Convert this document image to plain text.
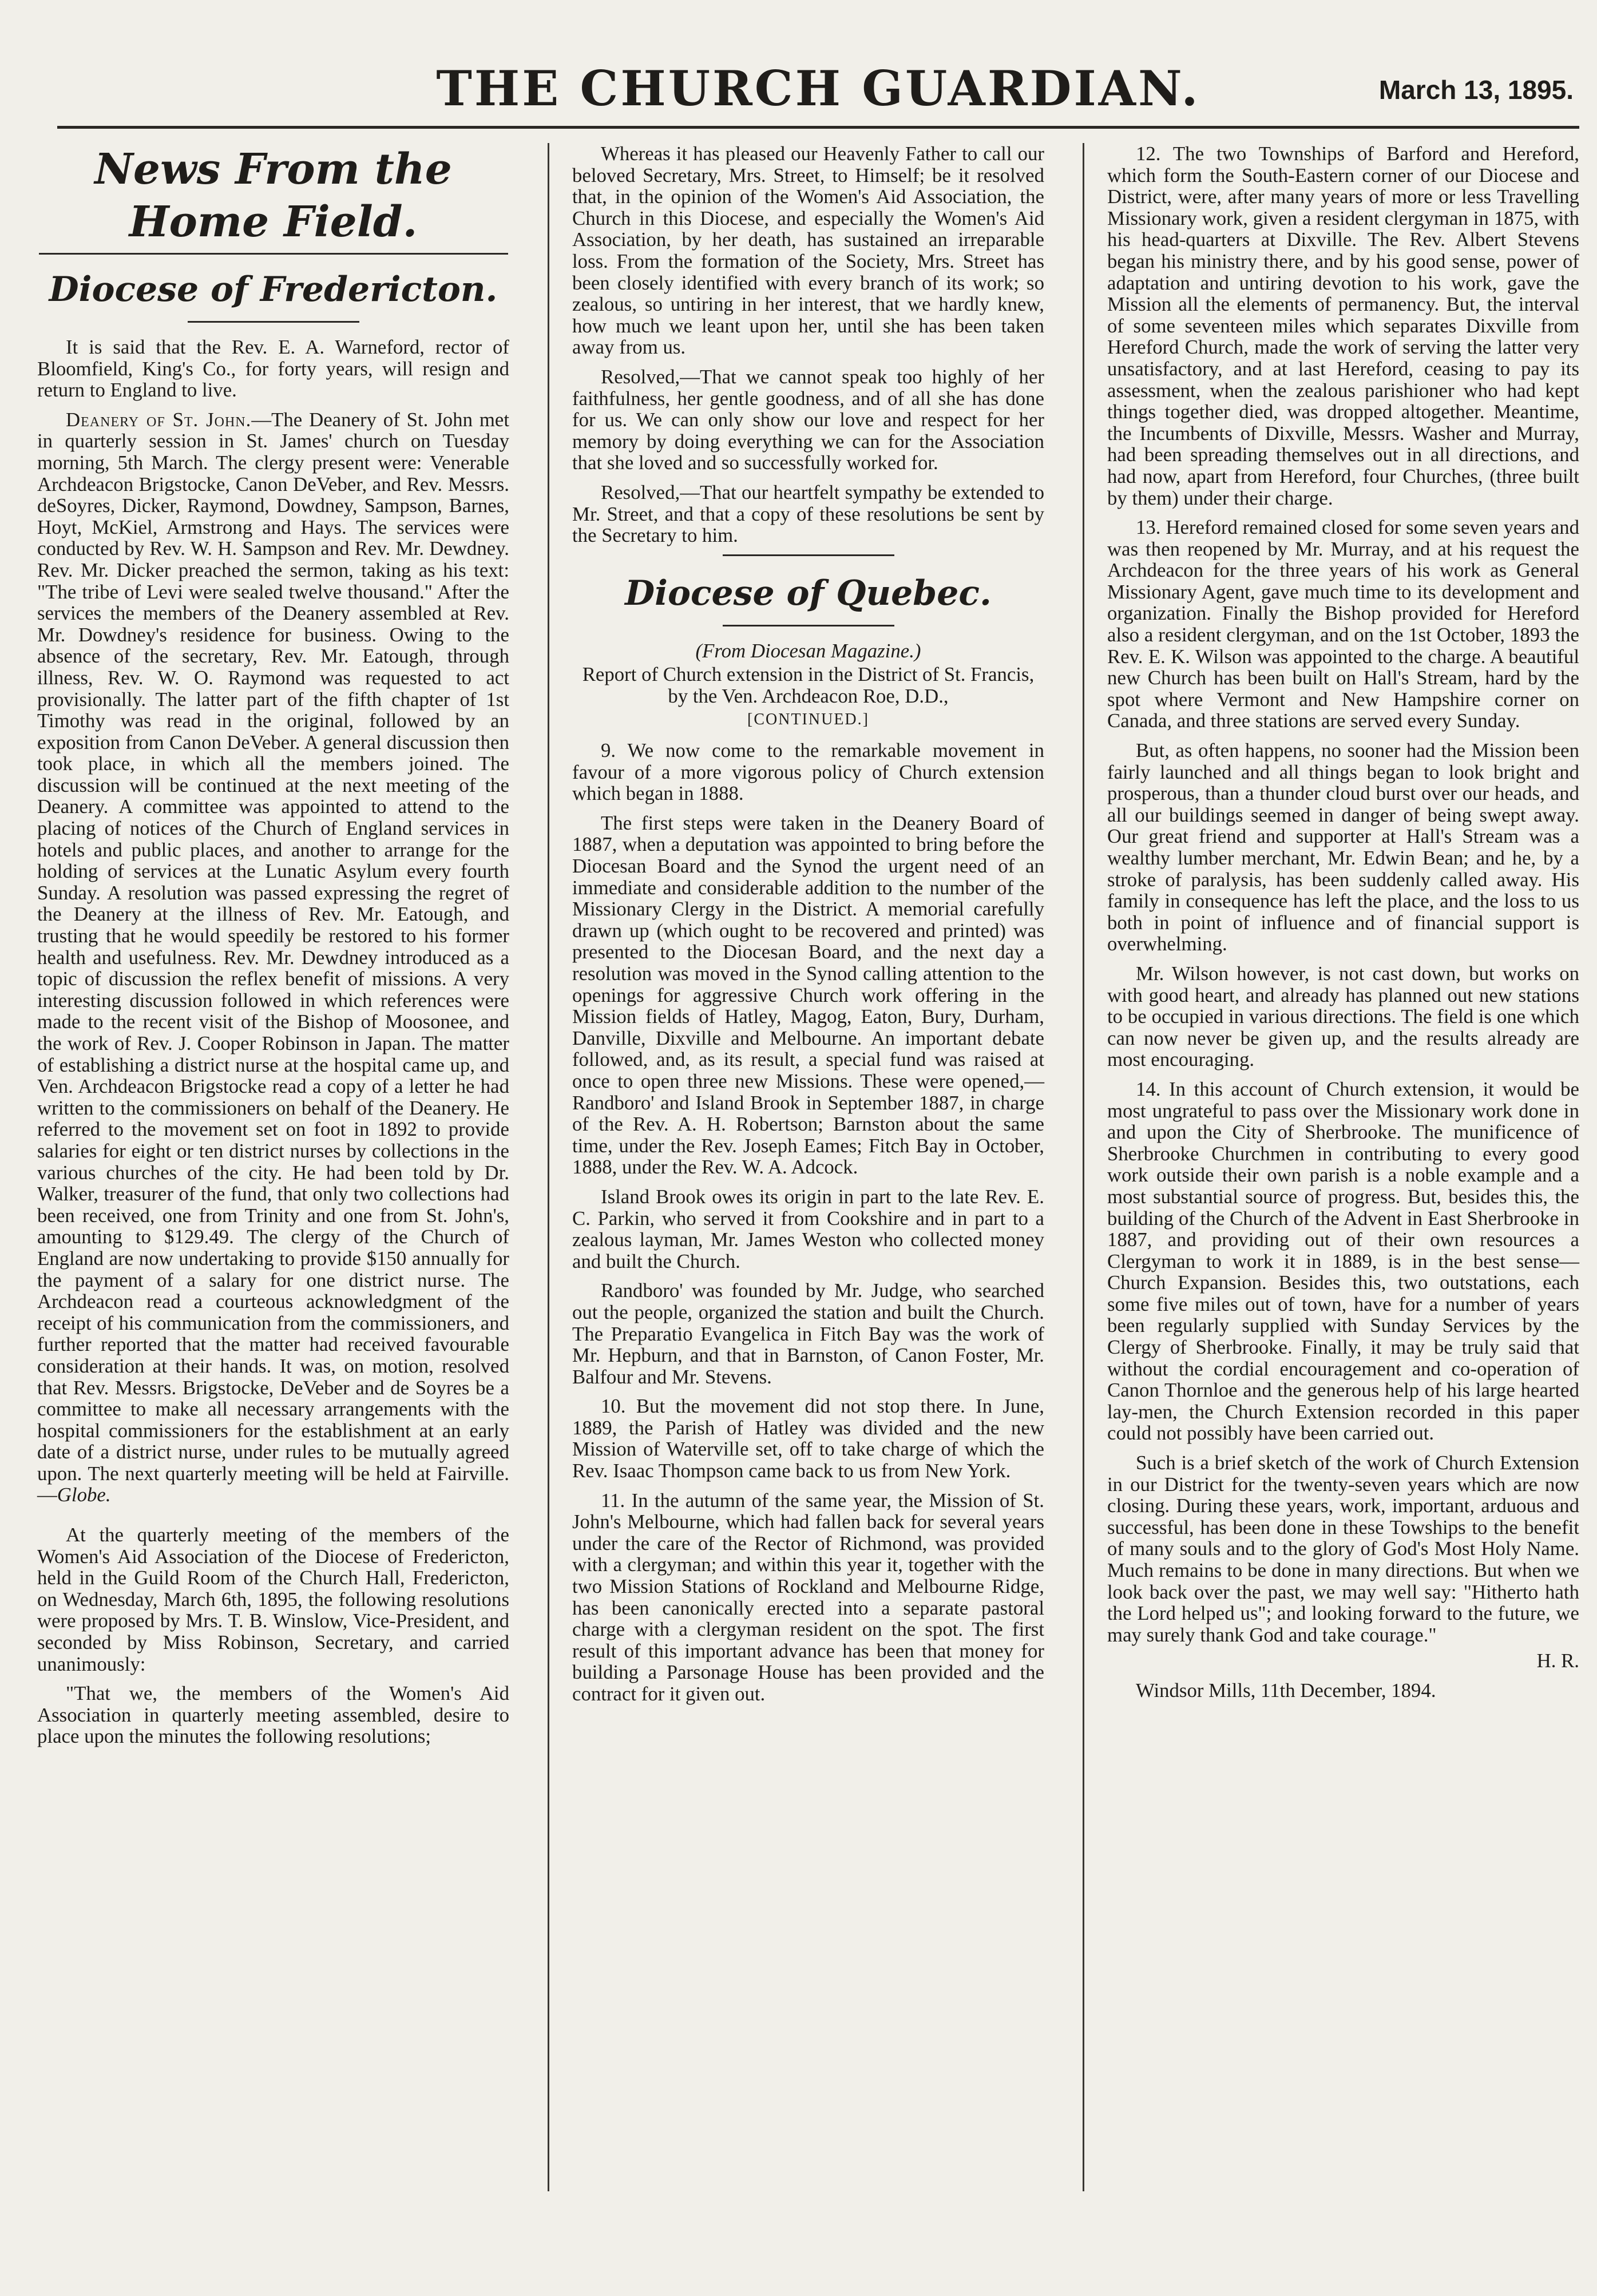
THE CHURCH GUARDIAN.	March 13, 1895.
News From the Home Field.
Diocese of Fredericton.

It is said that the Rev. E. A. Warneford, rector of Bloomfield, King's Co., for forty years, will resign and return to England to live.

Deanery of St. John.—The Deanery of St. John met in quarterly session in St. James' church on Tuesday morning, 5th March. The clergy present were: Venerable Archdeacon Brigstocke, Canon DeVeber, and Rev. Messrs. deSoyres, Dicker, Raymond, Dowdney, Sampson, Barnes, Hoyt, McKiel, Armstrong and Hays. The services were conducted by Rev. W. H. Sampson and Rev. Mr. Dewdney. Rev. Mr. Dicker preached the sermon, taking as his text: "The tribe of Levi were sealed twelve thousand." After the services the members of the Deanery assembled at Rev. Mr. Dowdney's residence for business. Owing to the absence of the secretary, Rev. Mr. Eatough, through illness, Rev. W. O. Raymond was requested to act provisionally. The latter part of the fifth chapter of 1st Timothy was read in the original, followed by an exposition from Canon DeVeber. A general discussion then took place, in which all the members joined. The discussion will be continued at the next meeting of the Deanery. A committee was appointed to attend to the placing of notices of the Church of England services in hotels and public places, and another to arrange for the holding of services at the Lunatic Asylum every fourth Sunday. A resolution was passed expressing the regret of the Deanery at the illness of Rev. Mr. Eatough, and trusting that he would speedily be restored to his former health and usefulness. Rev. Mr. Dewdney introduced as a topic of discussion the reflex benefit of missions. A very interesting discussion followed in which references were made to the recent visit of the Bishop of Moosonee, and the work of Rev. J. Cooper Robinson in Japan. The matter of establishing a district nurse at the hospital came up, and Ven. Archdeacon Brigstocke read a copy of a letter he had written to the commissioners on behalf of the Deanery. He referred to the movement set on foot in 1892 to provide salaries for eight or ten district nurses by collections in the various churches of the city. He had been told by Dr. Walker, treasurer of the fund, that only two collections had been received, one from Trinity and one from St. John's, amounting to $129.49. The clergy of the Church of England are now undertaking to provide $150 annually for the payment of a salary for one district nurse. The Archdeacon read a courteous acknowledgment of the receipt of his communication from the commissioners, and further reported that the matter had received favourable consideration at their hands. It was, on motion, resolved that Rev. Messrs. Brigstocke, DeVeber and de Soyres be a committee to make all necessary arrangements with the hospital commissioners for the establishment at an early date of a district nurse, under rules to be mutually agreed upon. The next quarterly meeting will be held at Fairville.—Globe.

At the quarterly meeting of the members of the Women's Aid Association of the Diocese of Fredericton, held in the Guild Room of the Church Hall, Fredericton, on Wednesday, March 6th, 1895, the following resolutions were proposed by Mrs. T. B. Winslow, Vice-President, and seconded by Miss Robinson, Secretary, and carried unanimously:

"That we, the members of the Women's Aid Association in quarterly meeting assembled, desire to place upon the minutes the following resolutions;

Whereas it has pleased our Heavenly Father to call our beloved Secretary, Mrs. Street, to Himself; be it resolved that, in the opinion of the Women's Aid Association, the Church in this Diocese, and especially the Women's Aid Association, by her death, has sustained an irreparable loss. From the formation of the Society, Mrs. Street has been closely identified with every branch of its work; so zealous, so untiring in her interest, that we hardly knew, how much we leant upon her, until she has been taken away from us.

Resolved,—That we cannot speak too highly of her faithfulness, her gentle goodness, and of all she has done for us. We can only show our love and respect for her memory by doing everything we can for the Association that she loved and so successfully worked for.

Resolved,—That our heartfelt sympathy be extended to Mr. Street, and that a copy of these resolutions be sent by the Secretary to him.

Diocese of Quebec.

(From Diocesan Magazine.)

Report of Church extension in the District of St. Francis, by the Ven. Archdeacon Roe, D.D.,

[CONTINUED.]

9. We now come to the remarkable movement in favour of a more vigorous policy of Church extension which began in 1888.

The first steps were taken in the Deanery Board of 1887, when a deputation was appointed to bring before the Diocesan Board and the Synod the urgent need of an immediate and considerable addition to the number of the Missionary Clergy in the District. A memorial carefully drawn up (which ought to be recovered and printed) was presented to the Diocesan Board, and the next day a resolution was moved in the Synod calling attention to the openings for aggressive Church work offering in the Mission fields of Hatley, Magog, Eaton, Bury, Durham, Danville, Dixville and Melbourne. An important debate followed, and, as its result, a special fund was raised at once to open three new Missions. These were opened,—Randboro' and Island Brook in September 1887, in charge of the Rev. A. H. Robertson; Barnston about the same time, under the Rev. Joseph Eames; Fitch Bay in October, 1888, under the Rev. W. A. Adcock.

Island Brook owes its origin in part to the late Rev. E. C. Parkin, who served it from Cookshire and in part to a zealous layman, Mr. James Weston who collected money and built the Church.

Randboro' was founded by Mr. Judge, who searched out the people, organized the station and built the Church. The Preparatio Evangelica in Fitch Bay was the work of Mr. Hepburn, and that in Barnston, of Canon Foster, Mr. Balfour and Mr. Stevens.

10. But the movement did not stop there. In June, 1889, the Parish of Hatley was divided and the new Mission of Waterville set, off to take charge of which the Rev. Isaac Thompson came back to us from New York.

11. In the autumn of the same year, the Mission of St. John's Melbourne, which had fallen back for several years under the care of the Rector of Richmond, was provided with a clergyman; and within this year it, together with the two Mission Stations of Rockland and Melbourne Ridge, has been canonically erected into a separate pastoral charge with a clergyman resident on the spot. The first result of this important advance has been that money for building a Parsonage House has been provided and the contract for it given out.

12. The two Townships of Barford and Hereford, which form the South-Eastern corner of our Diocese and District, were, after many years of more or less Travelling Missionary work, given a resident clergyman in 1875, with his head-quarters at Dixville. The Rev. Albert Stevens began his ministry there, and by his good sense, power of adaptation and untiring devotion to his work, gave the Mission all the elements of permanency. But, the interval of some seventeen miles which separates Dixville from Hereford Church, made the work of serving the latter very unsatisfactory, and at last Hereford, ceasing to pay its assessment, when the zealous parishioner who had kept things together died, was dropped altogether. Meantime, the Incumbents of Dixville, Messrs. Washer and Murray, had been spreading themselves out in all directions, and had now, apart from Hereford, four Churches, (three built by them) under their charge.

13. Hereford remained closed for some seven years and was then reopened by Mr. Murray, and at his request the Archdeacon for the three years of his work as General Missionary Agent, gave much time to its development and organization. Finally the Bishop provided for Hereford also a resident clergyman, and on the 1st October, 1893 the Rev. E. K. Wilson was appointed to the charge. A beautiful new Church has been built on Hall's Stream, hard by the spot where Vermont and New Hampshire corner on Canada, and three stations are served every Sunday.

But, as often happens, no sooner had the Mission been fairly launched and all things began to look bright and prosperous, than a thunder cloud burst over our heads, and all our buildings seemed in danger of being swept away. Our great friend and supporter at Hall's Stream was a wealthy lumber merchant, Mr. Edwin Bean; and he, by a stroke of paralysis, has been suddenly called away. His family in consequence has left the place, and the loss to us both in point of influence and of financial support is overwhelming.

Mr. Wilson however, is not cast down, but works on with good heart, and already has planned out new stations to be occupied in various directions. The field is one which can now never be given up, and the results already are most encouraging.

14. In this account of Church extension, it would be most ungrateful to pass over the Missionary work done in and upon the City of Sherbrooke. The munificence of Sherbrooke Churchmen in contributing to every good work outside their own parish is a noble example and a most substantial source of progress. But, besides this, the building of the Church of the Advent in East Sherbrooke in 1887, and providing out of their own resources a Clergyman to work it in 1889, is in the best sense—Church Expansion. Besides this, two outstations, each some five miles out of town, have for a number of years been regularly supplied with Sunday Services by the Clergy of Sherbrooke. Finally, it may be truly said that without the cordial encouragement and co-operation of Canon Thornloe and the generous help of his large hearted lay-men, the Church Extension recorded in this paper could not possibly have been carried out.

Such is a brief sketch of the work of Church Extension in our District for the twenty-seven years which are now closing. During these years, work, important, arduous and successful, has been done in these Towships to the benefit of many souls and to the glory of God's Most Holy Name. Much remains to be done in many directions. But when we look back over the past, we may well say: "Hitherto hath the Lord helped us"; and looking forward to the future, we may surely thank God and take courage."

H. R.

Windsor Mills, 11th December, 1894.
